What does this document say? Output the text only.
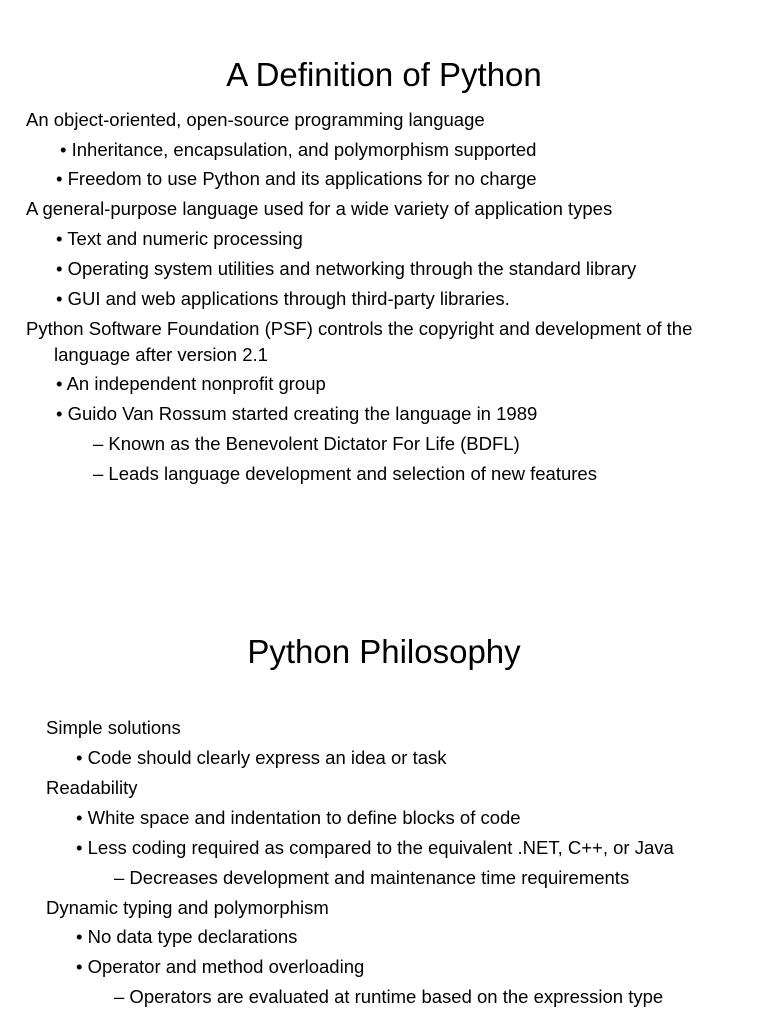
A Definition of Python
An object-oriented, open-source programming language
• Inheritance, encapsulation, and polymorphism supported
• Freedom to use Python and its applications for no charge
A general-purpose language used for a wide variety of application types
• Text and numeric processing
• Operating system utilities and networking through the standard library
• GUI and web applications through third-party libraries.
Python Software Foundation (PSF) controls the copyright and development of the
language after version 2.1
• An independent nonprofit group
• Guido Van Rossum started creating the language in 1989
– Known as the Benevolent Dictator For Life (BDFL)
– Leads language development and selection of new features
Python Philosophy
Simple solutions
• Code should clearly express an idea or task
Readability
• White space and indentation to define blocks of code
• Less coding required as compared to the equivalent .NET, C++, or Java
– Decreases development and maintenance time requirements
Dynamic typing and polymorphism
• No data type declarations
• Operator and method overloading
– Operators are evaluated at runtime based on the expression type
